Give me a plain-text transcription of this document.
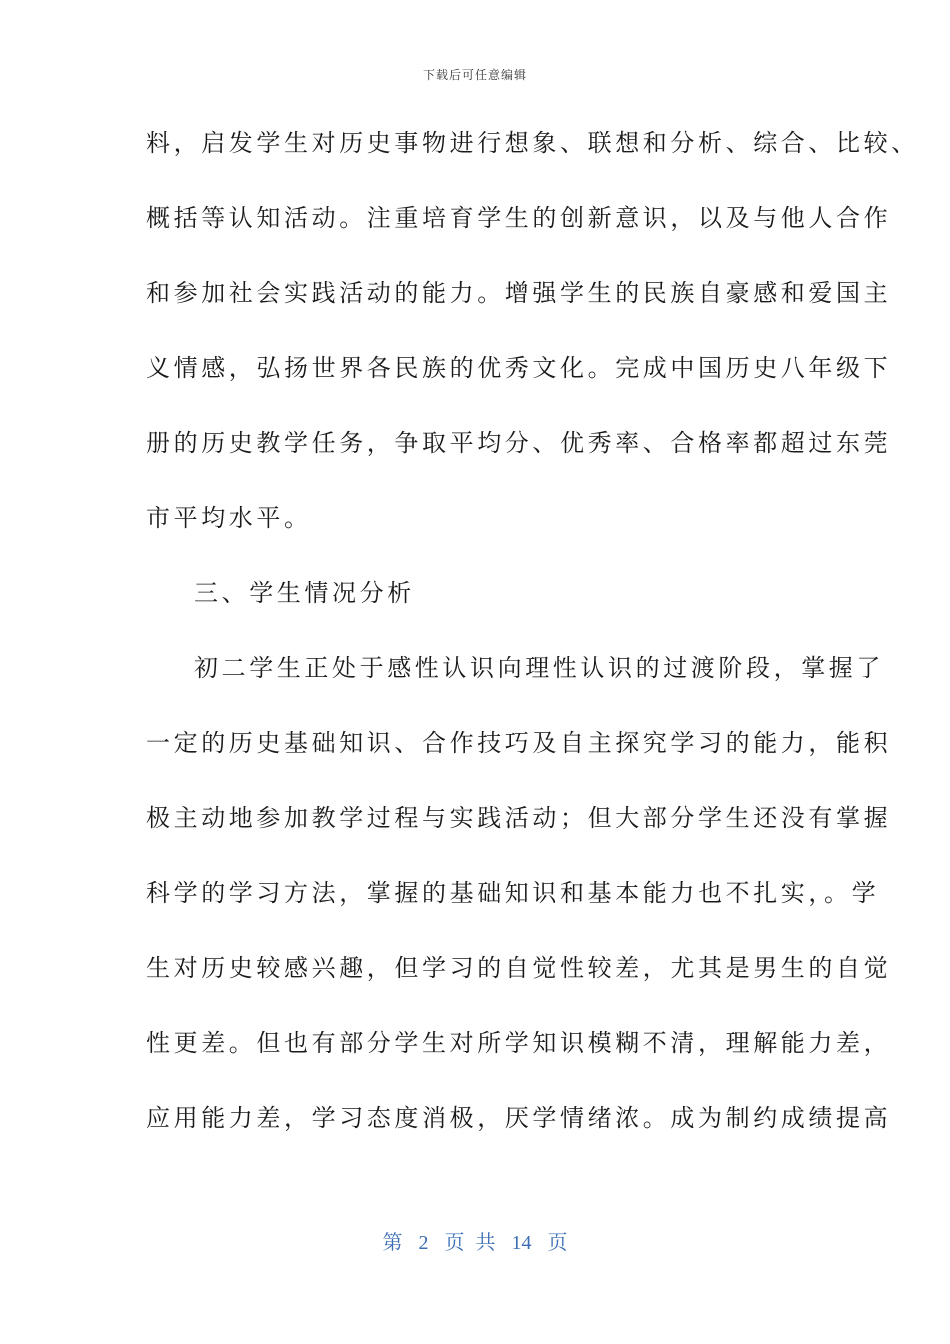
下载后可任意编辑
料，启发学生对历史事物进行想象、联想和分析、综合、比较、
概括等认知活动。注重培育学生的创新意识，以及与他人合作
和参加社会实践活动的能力。增强学生的民族自豪感和爱国主
义情感，弘扬世界各民族的优秀文化。完成中国历史八年级下
册的历史教学任务，争取平均分、优秀率、合格率都超过东莞
市平均水平。
三、学生情况分析
初二学生正处于感性认识向理性认识的过渡阶段，掌握了
一定的历史基础知识、合作技巧及自主探究学习的能力，能积
极主动地参加教学过程与实践活动；但大部分学生还没有掌握
科学的学习方法，掌握的基础知识和基本能力也不扎实，。学
生对历史较感兴趣，但学习的自觉性较差，尤其是男生的自觉
性更差。但也有部分学生对所学知识模糊不清，理解能力差，
应用能力差，学习态度消极，厌学情绪浓。成为制约成绩提高
第 2 页 共 14 页
